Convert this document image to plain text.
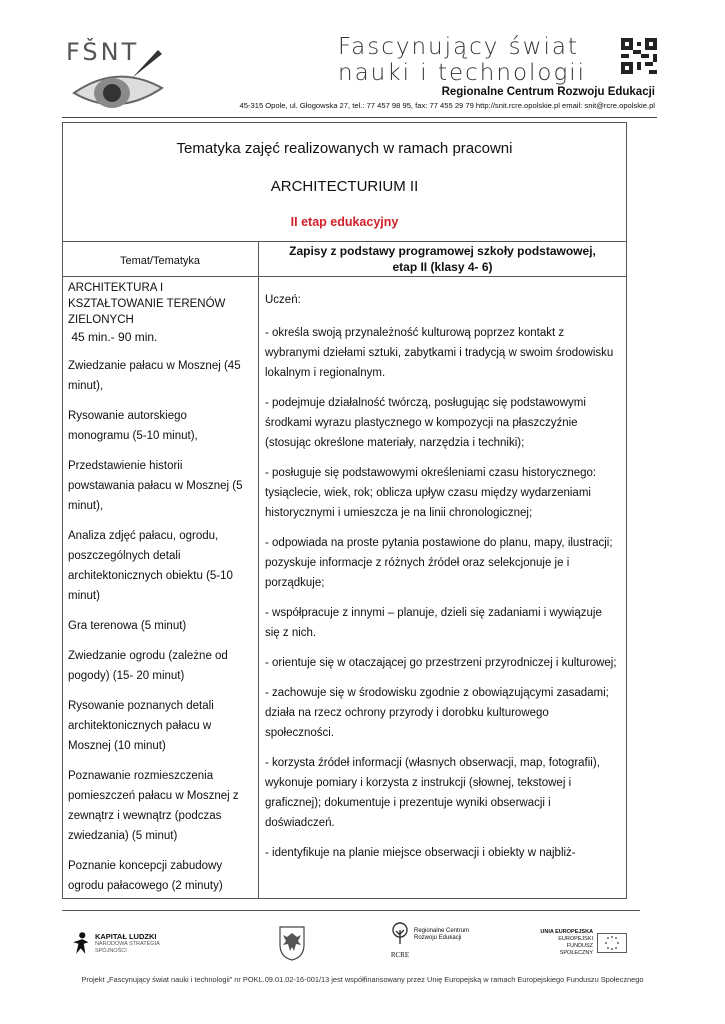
FŠNT	Fascynujący świat
nauki i technologii
Regionalne Centrum Rozwoju Edukacji
45-315 Opole, ul. Głogowska 27, tel.: 77 457 98 95, fax: 77 455 29 79 http://snit.rcre.opolskie.pl email: snit@rcre.opolskie.pl
Tematyka zajęć realizowanych w ramach pracowni
ARCHITECTURIUM II
II etap edukacyjny
Temat/Tematyka
Zapisy z podstawy programowej szkoły podstawowej,
etap II (klasy 4- 6)
ARCHITEKTURA I
KSZTAŁTOWANIE TERENÓW
ZIELONYCH
45 min.- 90 min.
Zwiedzanie pałacu w Mosznej (45 minut),
Rysowanie autorskiego monogramu (5-10 minut),
Przedstawienie historii powstawania pałacu w Mosznej (5 minut),
Analiza zdjęć pałacu, ogrodu, poszczególnych detali architektonicznych obiektu (5-10 minut)
Gra terenowa (5 minut)
Zwiedzanie ogrodu (zależne od pogody) (15- 20 minut)
Rysowanie poznanych detali architektonicznych pałacu w Mosznej (10 minut)
Poznawanie rozmieszczenia pomieszczeń pałacu w Mosznej z zewnątrz i wewnątrz (podczas zwiedzania) (5 minut)
Poznanie koncepcji zabudowy ogrodu pałacowego (2 minuty)
Uczeń:
- określa swoją przynależność kulturową poprzez kontakt z wybranymi dziełami sztuki, zabytkami i tradycją w swoim środowisku lokalnym i regionalnym.
- podejmuje działalność twórczą, posługując się podstawowymi środkami wyrazu plastycznego w kompozycji na płaszczyźnie (stosując określone materiały, narzędzia i techniki);
- posługuje się podstawowymi określeniami czasu historycznego: tysiąclecie, wiek, rok; oblicza upływ czasu między wydarzeniami historycznymi i umieszcza je na linii chronologicznej;
- odpowiada na proste pytania postawione do planu, mapy, ilustracji; pozyskuje informacje z różnych źródeł oraz selekcjonuje je i porządkuje;
- współpracuje z innymi – planuje, dzieli się zadaniami i wywiązuje się z nich.
- orientuje się w otaczającej go przestrzeni przyrodniczej i kulturowej;
- zachowuje się w środowisku zgodnie z obowiązującymi zasadami; działa na rzecz ochrony przyrody i dorobku kulturowego społeczności.
- korzysta źródeł informacji (własnych obserwacji, map, fotografii), wykonuje pomiary i korzysta z instrukcji (słownej, tekstowej i graficznej); dokumentuje i prezentuje wyniki obserwacji i doświadczeń.
- identyfikuje na planie miejsce obserwacji i obiekty w najbliż-
KAPITAŁ LUDZKI
NARODOWA STRATEGIA SPÓJNOŚCI
RCRE
Regionalne Centrum
Rozwoju Edukacji
UNIA EUROPEJSKA
EUROPEJSKI
FUNDUSZ SPOŁECZNY
Projekt „Fascynujący świat nauki i technologii” nr POKL.09.01.02-16-001/13 jest współfinansowany przez Unię Europejską w ramach Europejskiego Funduszu Społecznego
